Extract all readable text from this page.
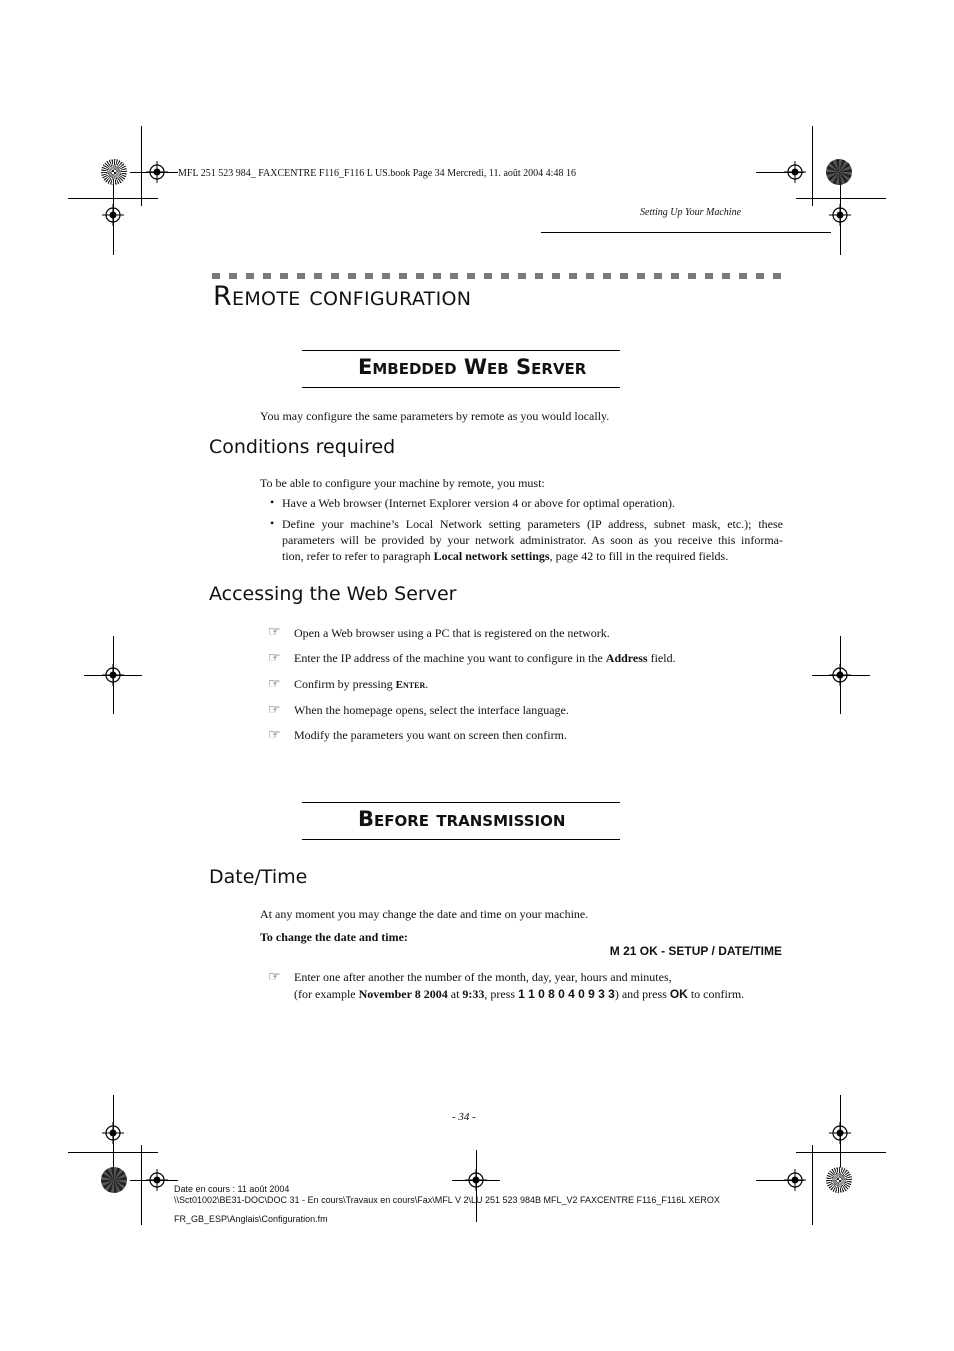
MFL 251 523 984_ FAXCENTRE F116_F116 L US.book Page 34 Mercredi, 11. août 2004 4:48 16
Setting Up Your Machine
Remote configuration
Embedded Web Server
You may configure the same parameters by remote as you would locally.
Conditions required
To be able to configure your machine by remote, you must:
• Have a Web browser (Internet Explorer version 4 or above for optimal operation).
• Define your machine’s Local Network setting parameters (IP address, subnet mask, etc.); these
parameters will be provided by your network administrator. As soon as you receive this informa-
tion, refer to refer to paragraph Local network settings, page 42 to fill in the required fields.
Accessing the Web Server
☞ Open a Web browser using a PC that is registered on the network.
☞ Enter the IP address of the machine you want to configure in the Address field.
☞ Confirm by pressing Enter.
☞ When the homepage opens, select the interface language.
☞ Modify the parameters you want on screen then confirm.
Before transmission
Date/Time
At any moment you may change the date and time on your machine.
To change the date and time:
M 21 OK - SETUP / DATE/TIME
☞ Enter one after another the number of the month, day, year, hours and minutes,
(for example November 8 2004 at 9:33, press 1 1 0 8 0 4 0 9 3 3) and press OK to confirm.
- 34 -
Date en cours : 11 août 2004
\\Sct01002\BE31-DOC\DOC 31 - En cours\Travaux en cours\Fax\MFL V 2\LU 251 523 984B MFL_V2 FAXCENTRE F116_F116L XEROX
FR_GB_ESP\Anglais\Configuration.fm
